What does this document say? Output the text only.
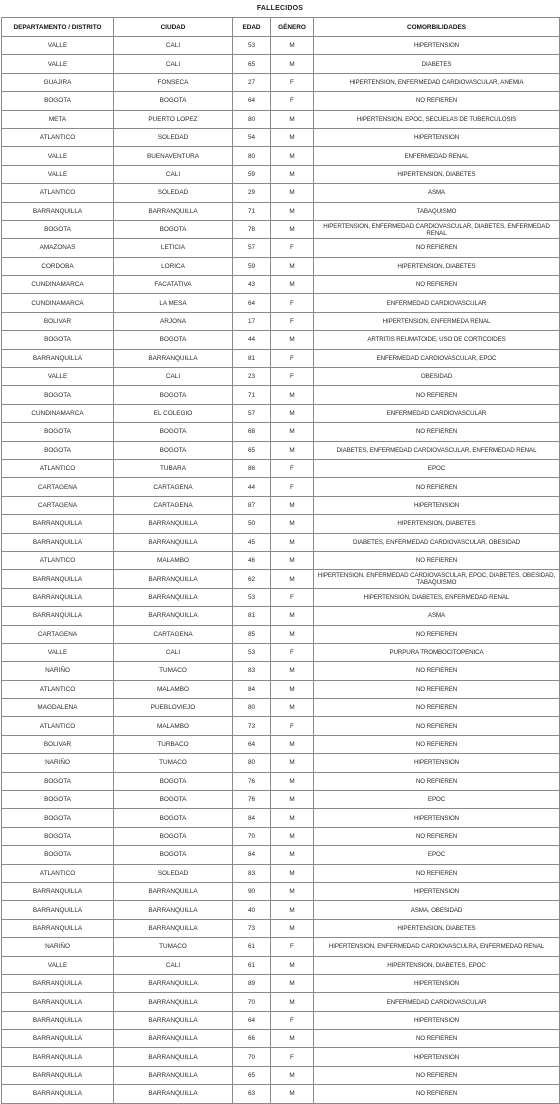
FALLECIDOS
DEPARTAMENTO / DISTRITO	CIUDAD	EDAD	GÉNERO	COMORBILIDADES
VALLE	CALI	53	M	HIPERTENSION
VALLE	CALI	65	M	DIABETES
GUAJIRA	FONSECA	27	F	HIPERTENSION, ENFERMEDAD CARDIOVASCULAR, ANEMIA
BOGOTA	BOGOTA	64	F	NO REFIEREN
META	PUERTO LOPEZ	80	M	HIPERTENSION, EPOC, SECUELAS DE TUBERCULOSIS
ATLANTICO	SOLEDAD	54	M	HIPERTENSION
VALLE	BUENAVENTURA	80	M	ENFERMEDAD RENAL
VALLE	CALI	59	M	HIPERTENSION, DIABETES
ATLANTICO	SOLEDAD	29	M	ASMA
BARRANQUILLA	BARRANQUILLA	71	M	TABAQUISMO
BOGOTA	BOGOTA	78	M	HIPERTENSION, ENFERMEDAD CARDIOVASCULAR, DIABETES, ENFERMEDAD RENAL
AMAZONAS	LETICIA	57	F	NO REFIEREN
CORDOBA	LORICA	59	M	HIPERTENSION, DIABETES
CUNDINAMARCA	FACATATIVA	43	M	NO REFIEREN
CUNDINAMARCA	LA MESA	64	F	ENFERMEDAD CARDIOVASCULAR
BOLIVAR	ARJONA	17	F	HIPERTENSION, ENFERMEDA RENAL
BOGOTA	BOGOTA	44	M	ARTRITIS REUMATOIDE, USO DE CORTICOIDES
BARRANQUILLA	BARRANQUILLA	81	F	ENFERMEDAD CARDIOVASCULAR, EPOC
VALLE	CALI	23	F	OBESIDAD
BOGOTA	BOGOTA	71	M	NO REFIEREN
CUNDINAMARCA	EL COLEGIO	57	M	ENFERMEDAD CARDIOVASCULAR
BOGOTA	BOGOTA	68	M	NO REFIEREN
BOGOTA	BOGOTA	65	M	DIABETES, ENFERMEDAD CARDIOVASCULAR, ENFERMEDAD RENAL
ATLANTICO	TUBARA	86	F	EPOC
CARTAGENA	CARTAGENA	44	F	NO REFIEREN
CARTAGENA	CARTAGENA	87	M	HIPERTENSION
BARRANQUILLA	BARRANQUILLA	50	M	HIPERTENSION, DIABETES
BARRANQUILLA	BARRANQUILLA	45	M	DIABETES, ENFERMEDAD CARDIOVASCULAR, OBESIDAD
ATLANTICO	MALAMBO	46	M	NO REFIEREN
BARRANQUILLA	BARRANQUILLA	62	M	HIPERTENSION, ENFERMEDAD CARDIOVASCULAR, EPOC, DIABETES, OBESIDAD, TABAQUISMO
BARRANQUILLA	BARRANQUILLA	53	F	HIPERTENSION, DIABETES, ENFERMEDAD RENAL
BARRANQUILLA	BARRANQUILLA	81	M	ASMA
CARTAGENA	CARTAGENA	85	M	NO REFIEREN
VALLE	CALI	53	F	PURPURA TROMBOCITOPENICA
NARIÑO	TUMACO	83	M	NO REFIEREN
ATLANTICO	MALAMBO	84	M	NO REFIEREN
MAGDALENA	PUEBLOVIEJO	80	M	NO REFIEREN
ATLANTICO	MALAMBO	73	F	NO REFIEREN
BOLIVAR	TURBACO	64	M	NO REFIEREN
NARIÑO	TUMACO	80	M	HIPERTENSION
BOGOTA	BOGOTA	76	M	NO REFIEREN
BOGOTA	BOGOTA	76	M	EPOC
BOGOTA	BOGOTA	84	M	HIPERTENSION
BOGOTA	BOGOTA	70	M	NO REFIEREN
BOGOTA	BOGOTA	84	M	EPOC
ATLANTICO	SOLEDAD	83	M	NO REFIEREN
BARRANQUILLA	BARRANQUILLA	90	M	HIPERTENSION
BARRANQUILLA	BARRANQUILLA	40	M	ASMA, OBESIDAD
BARRANQUILLA	BARRANQUILLA	73	M	HIPERTENSION, DIABETES
NARIÑO	TUMACO	61	F	HIPERTENSION, ENFERMEDAD CARDIOVASCULRA, ENFERMEDAD RENAL
VALLE	CALI	61	M	HIPERTENSION, DIABETES, EPOC
BARRANQUILLA	BARRANQUILLA	89	M	HIPERTENSION
BARRANQUILLA	BARRANQUILLA	70	M	ENFERMEDAD CARDIOVASCULAR
BARRANQUILLA	BARRANQUILLA	64	F	HIPERTENSION
BARRANQUILLA	BARRANQUILLA	66	M	NO REFIEREN
BARRANQUILLA	BARRANQUILLA	70	F	HIPERTENSION
BARRANQUILLA	BARRANQUILLA	65	M	NO REFIEREN
BARRANQUILLA	BARRANQUILLA	63	M	NO REFIEREN
